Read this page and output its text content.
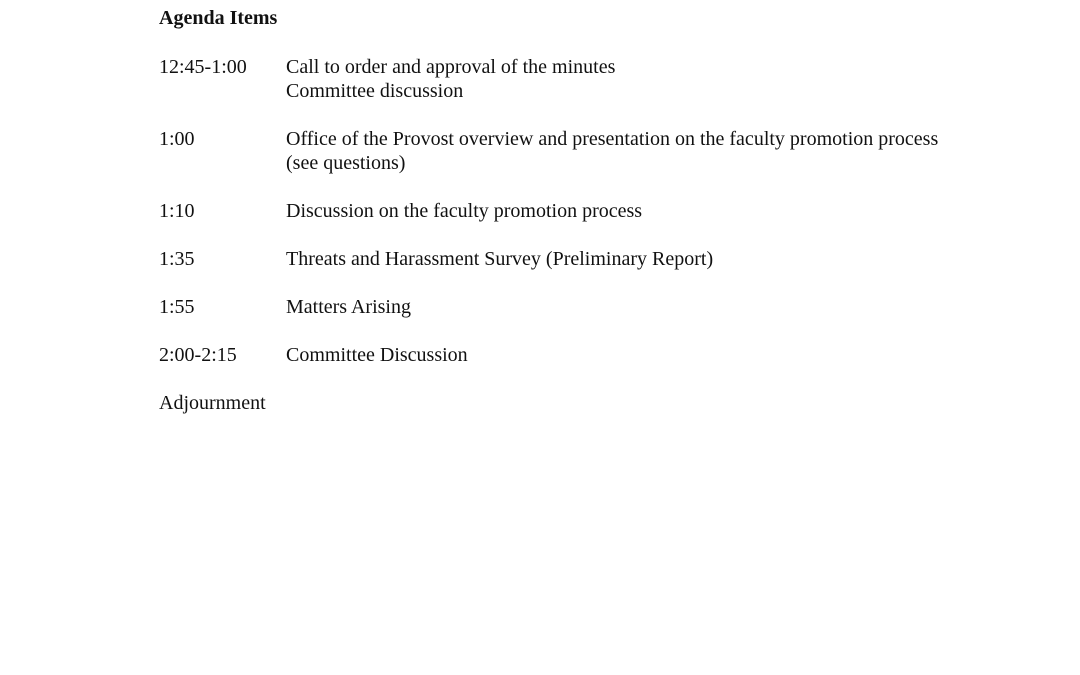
Agenda Items
12:45-1:00	Call to order and approval of the minutes
Committee discussion
1:00	Office of the Provost overview and presentation on the faculty promotion process
(see questions)
1:10	Discussion on the faculty promotion process
1:35	Threats and Harassment Survey (Preliminary Report)
1:55	Matters Arising
2:00-2:15	Committee Discussion
Adjournment
